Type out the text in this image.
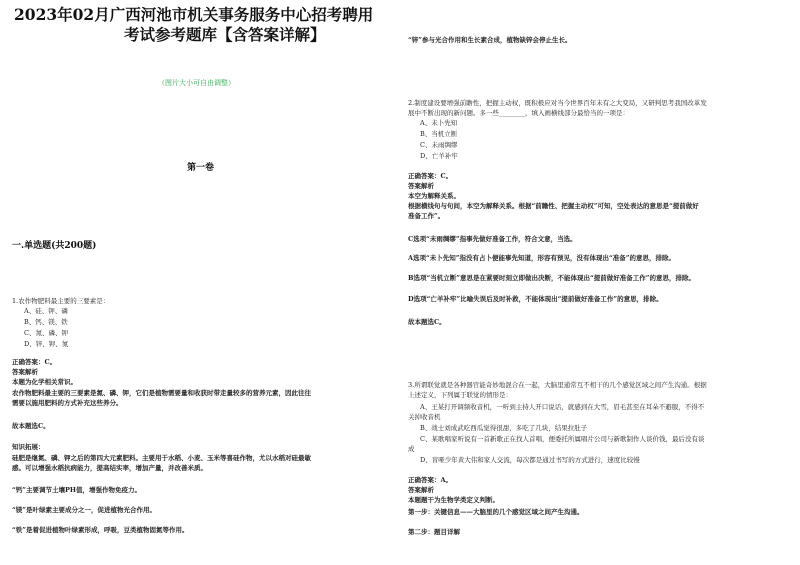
2023年02月广西河池市机关事务服务中心招考聘用
考试参考题库【含答案详解】
（图片大小可自由调整）
第一卷
一.单选题(共200题)
1.农作物肥料最主要的三要素是：
A、硅、钾、磷
B、钙、镁、铁
C、氮、磷、钾
D、锌、钾、氮
正确答案：C。
答案解析
本题为化学相关常识。
农作物肥料最主要的三要素是氮、磷、钾，它们是植物需要量和收获时带走量较多的营养元素，因此往往
需要以施用肥料的方式补充这些养分。
故本题选C。
知识拓展：
硅肥是继氮、磷、钾之后的第四大元素肥料。主要用于水稻、小麦、玉米等喜硅作物，尤以水稻对硅最敏
感。可以增强水稻抗病能力，提高结实率，增加产量，并改善米质。
“钙”主要调节土壤PH值，增强作物免疫力。
“镁”是叶绿素主要成分之一，促进植物光合作用。
“铁”是着促进植物叶绿素形成，呼吸，豆类植物固氮等作用。
“锌”参与光合作用和生长素合成，植物缺锌会停止生长。
2.制度建设要增强前瞻性，把握主动权，既积极应对当今世界百年未有之大变局，又研判思考我国改革发
展中不断出现的新问题。多一些________，填入画横线部分最恰当的一项是：
A、未卜先知
B、当机立断
C、未雨绸缪
D、亡羊补牢
正确答案：C。
答案解析
本空为解释关系。
根据横线句与句间，本空为解释关系。根据“前瞻性、把握主动权”可知，空处表达的意思是“提前做好
准备工作”。
C选项“未雨绸缪”指事先做好准备工作，符合文意，当选。
A选项“未卜先知”指没有占卜便能事先知道，形容有预见，没有体现出“准备”的意思，排除。
B选项“当机立断”意思是在紧要时刻立即做出决断，不能体现出“提前做好准备工作”的意思，排除。
D选项“亡羊补牢”比喻失误后及时补救，不能体现出“提前做好准备工作”的意思，排除。
故本题选C。
3.所谓联觉就是各种器官能奇妙地混合在一起，大脑里通常互不相干的几个感觉区域之间产生沟通。根据
上述定义，下列属于联觉的情形是：
A、王某打开调频收音机，一听到主持人开口说话，就感到在大雪，眉毛甚至在耳朵不避服，不得不
关掉收音机
B、战士刘成武吃西瓜觉得很甜，多吃了几块，结果拉肚子
C、某歌唱家听说有一首新歌正在找人首唱，便委托所属唱片公司与新歌制作人谈价钱，最后没有谈
成
D、盲哑少年黄大伟和家人交流，每次都是通过书写的方式进行，速度比较慢
正确答案：A。
答案解析
本题题干为生物学类定义判断。
第一步：关键信息——大脑里的几个感觉区域之间产生沟通。
第二步：题目详解
